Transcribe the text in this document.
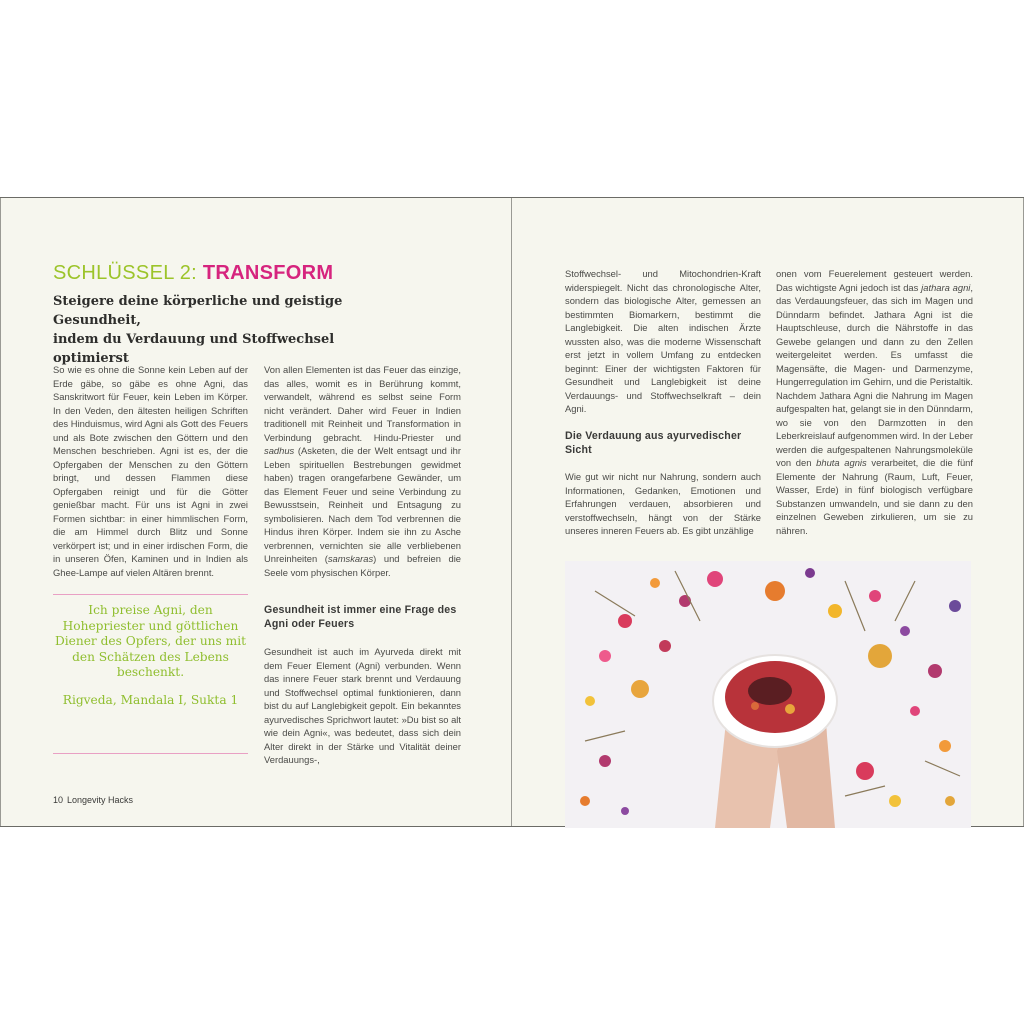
SCHLÜSSEL 2: TRANSFORM
Steigere deine körperliche und geistige Gesundheit,
indem du Verdauung und Stoffwechsel optimierst

So wie es ohne die Sonne kein Leben auf der Erde gäbe, so gäbe es ohne Agni, das Sanskritwort für Feuer, kein Leben im Körper. In den Veden, den ältesten heiligen Schriften des Hinduismus, wird Agni als Gott des Feuers und als Bote zwischen den Göttern und den Menschen beschrieben. Agni ist es, der die Opfergaben der Menschen zu den Göttern bringt, und dessen Flammen diese Opfergaben reinigt und für die Götter genießbar macht. Für uns ist Agni in zwei Formen sichtbar: in einer himmlischen Form, die am Himmel durch Blitz und Sonne verkörpert ist; und in einer irdischen Form, die in unseren Öfen, Kaminen und in Indien als Ghee-Lampe auf vielen Altären brennt.

Ich preise Agni, den Hohepriester und göttlichen Diener des Opfers, der uns mit den Schätzen des Lebens beschenkt.
Rigveda, Mandala I, Sukta 1
10 Longevity Hacks

Von allen Elementen ist das Feuer das einzige, das alles, womit es in Berührung kommt, verwandelt, während es selbst seine Form nicht verändert. Daher wird Feuer in Indien traditionell mit Reinheit und Transformation in Verbindung gebracht. Hindu-Priester und sadhus (Asketen, die der Welt entsagt und ihr Leben spirituellen Bestrebungen gewidmet haben) tragen orangefarbene Gewänder, um das Element Feuer und seine Verbindung zu Bewusstsein, Reinheit und Entsagung zu symbolisieren. Nach dem Tod verbrennen die Hindus ihren Körper. Indem sie ihn zu Asche verbrennen, vernichten sie alle verbliebenen Unreinheiten (samskaras) und befreien die Seele vom physischen Körper.

Gesundheit ist immer eine Frage des Agni oder Feuers

Gesundheit ist auch im Ayurveda direkt mit dem Feuer Element (Agni) verbunden. Wenn das innere Feuer stark brennt und Verdauung und Stoffwechsel optimal funktionieren, dann bist du auf Langlebigkeit gepolt. Ein bekanntes ayurvedisches Sprichwort lautet: »Du bist so alt wie dein Agni«, was bedeutet, dass sich dein Alter direkt in der Stärke und Vitalität deiner Verdauungs-,

Stoffwechsel- und Mitochondrien-Kraft widerspiegelt. Nicht das chronologische Alter, sondern das biologische Alter, gemessen an bestimmten Biomarkern, bestimmt die Langlebigkeit. Die alten indischen Ärzte wussten also, was die moderne Wissenschaft erst jetzt in vollem Umfang zu entdecken beginnt: Einer der wichtigsten Faktoren für Gesundheit und Langlebigkeit ist deine Verdauungs- und Stoffwechselkraft – dein Agni.

Die Verdauung aus ayurvedischer Sicht

Wie gut wir nicht nur Nahrung, sondern auch Informationen, Gedanken, Emotionen und Erfahrungen verdauen, absorbieren und verstoffwechseln, hängt von der Stärke unseres inneren Feuers ab. Es gibt unzählige

onen vom Feuerelement gesteuert werden. Das wichtigste Agni jedoch ist das jathara agni, das Verdauungsfeuer, das sich im Magen und Dünndarm befindet. Jathara Agni ist die Hauptschleuse, durch die Nährstoffe in das Gewebe gelangen und dann zu den Zellen weitergeleitet werden. Es umfasst die Magensäfte, die Magen- und Darmenzyme, Hungerregulation im Gehirn, und die Peristaltik. Nachdem Jathara Agni die Nahrung im Magen aufgespalten hat, gelangt sie in den Dünndarm, wo sie von den Darmzotten in den Leberkreislauf aufgenommen wird. In der Leber werden die aufgespaltenen Nahrungsmoleküle von den bhuta agnis verarbeitet, die die fünf Elemente der Nahrung (Raum, Luft, Feuer, Wasser, Erde) in fünf biologisch verfügbare Substanzen umwandeln, und sie dann zu den einzelnen Geweben zirkulieren, um sie zu nähren.
